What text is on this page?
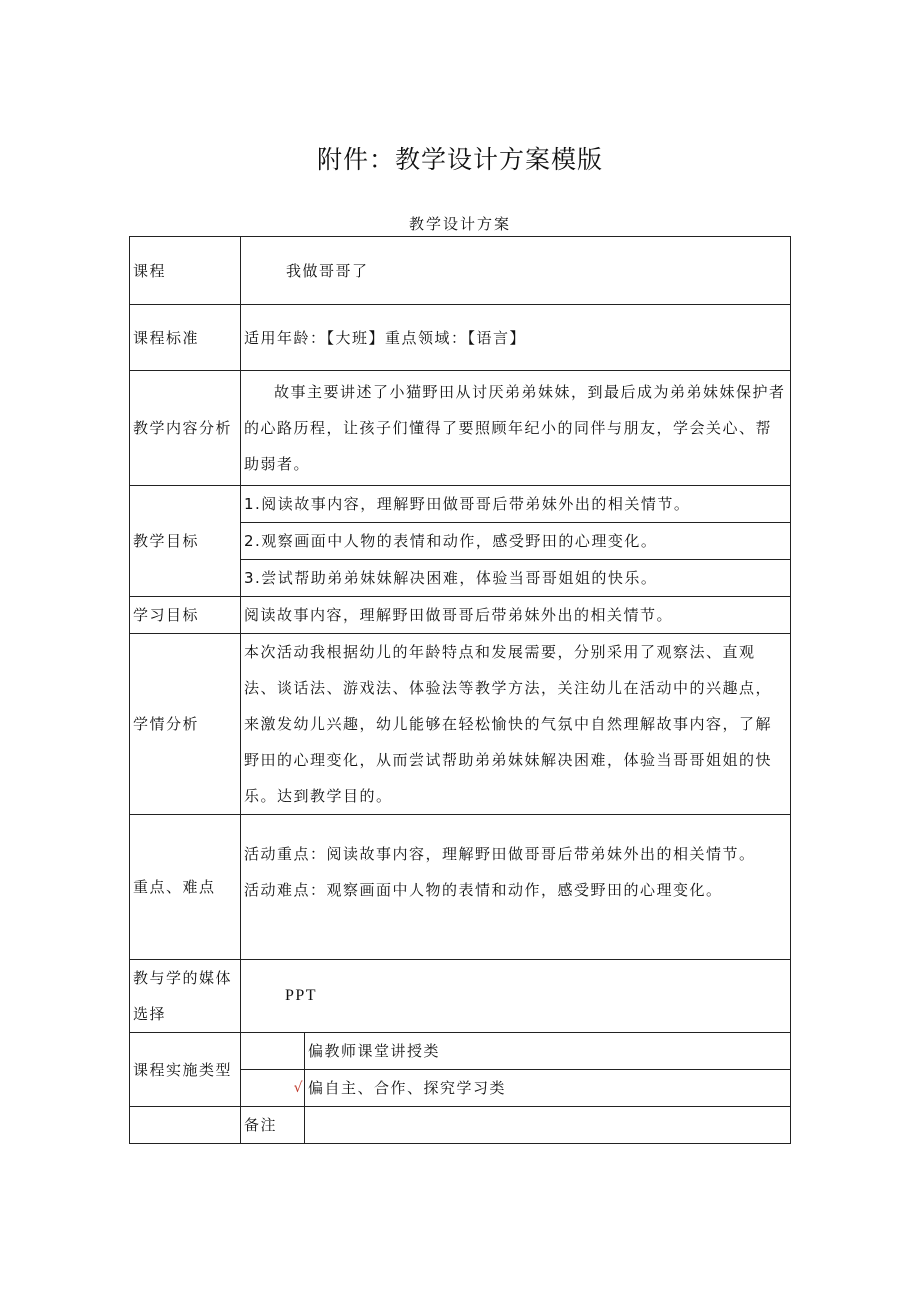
附件：教学设计方案模版
教学设计方案
课程	我做哥哥了	
课程标准	适用年龄：【大班】重点领域：【语言】	
教学内容分析	故事主要讲述了小猫野田从讨厌弟弟妹妹，到最后成为弟弟妹妹保护者的心路历程，让孩子们懂得了要照顾年纪小的同伴与朋友，学会关心、帮助弱者。	
教学目标	1.阅读故事内容，理解野田做哥哥后带弟妹外出的相关情节。	
	2.观察画面中人物的表情和动作，感受野田的心理变化。	
	3.尝试帮助弟弟妹妹解决困难，体验当哥哥姐姐的快乐。	
学习目标	阅读故事内容，理解野田做哥哥后带弟妹外出的相关情节。	
学情分析	本次活动我根据幼儿的年龄特点和发展需要，分别采用了观察法、直观法、谈话法、游戏法、体验法等教学方法，关注幼儿在活动中的兴趣点，来激发幼儿兴趣，幼儿能够在轻松愉快的气氛中自然理解故事内容，了解野田的心理变化，从而尝试帮助弟弟妹妹解决困难，体验当哥哥姐姐的快乐。达到教学目的。	
重点、难点	活动重点：阅读故事内容，理解野田做哥哥后带弟妹外出的相关情节。
活动难点：观察画面中人物的表情和动作，感受野田的心理变化。	

教与学的媒体选择	PPT	
课程实施类型		偏教师课堂讲授类
	√	偏自主、合作、探究学习类
	备注	
